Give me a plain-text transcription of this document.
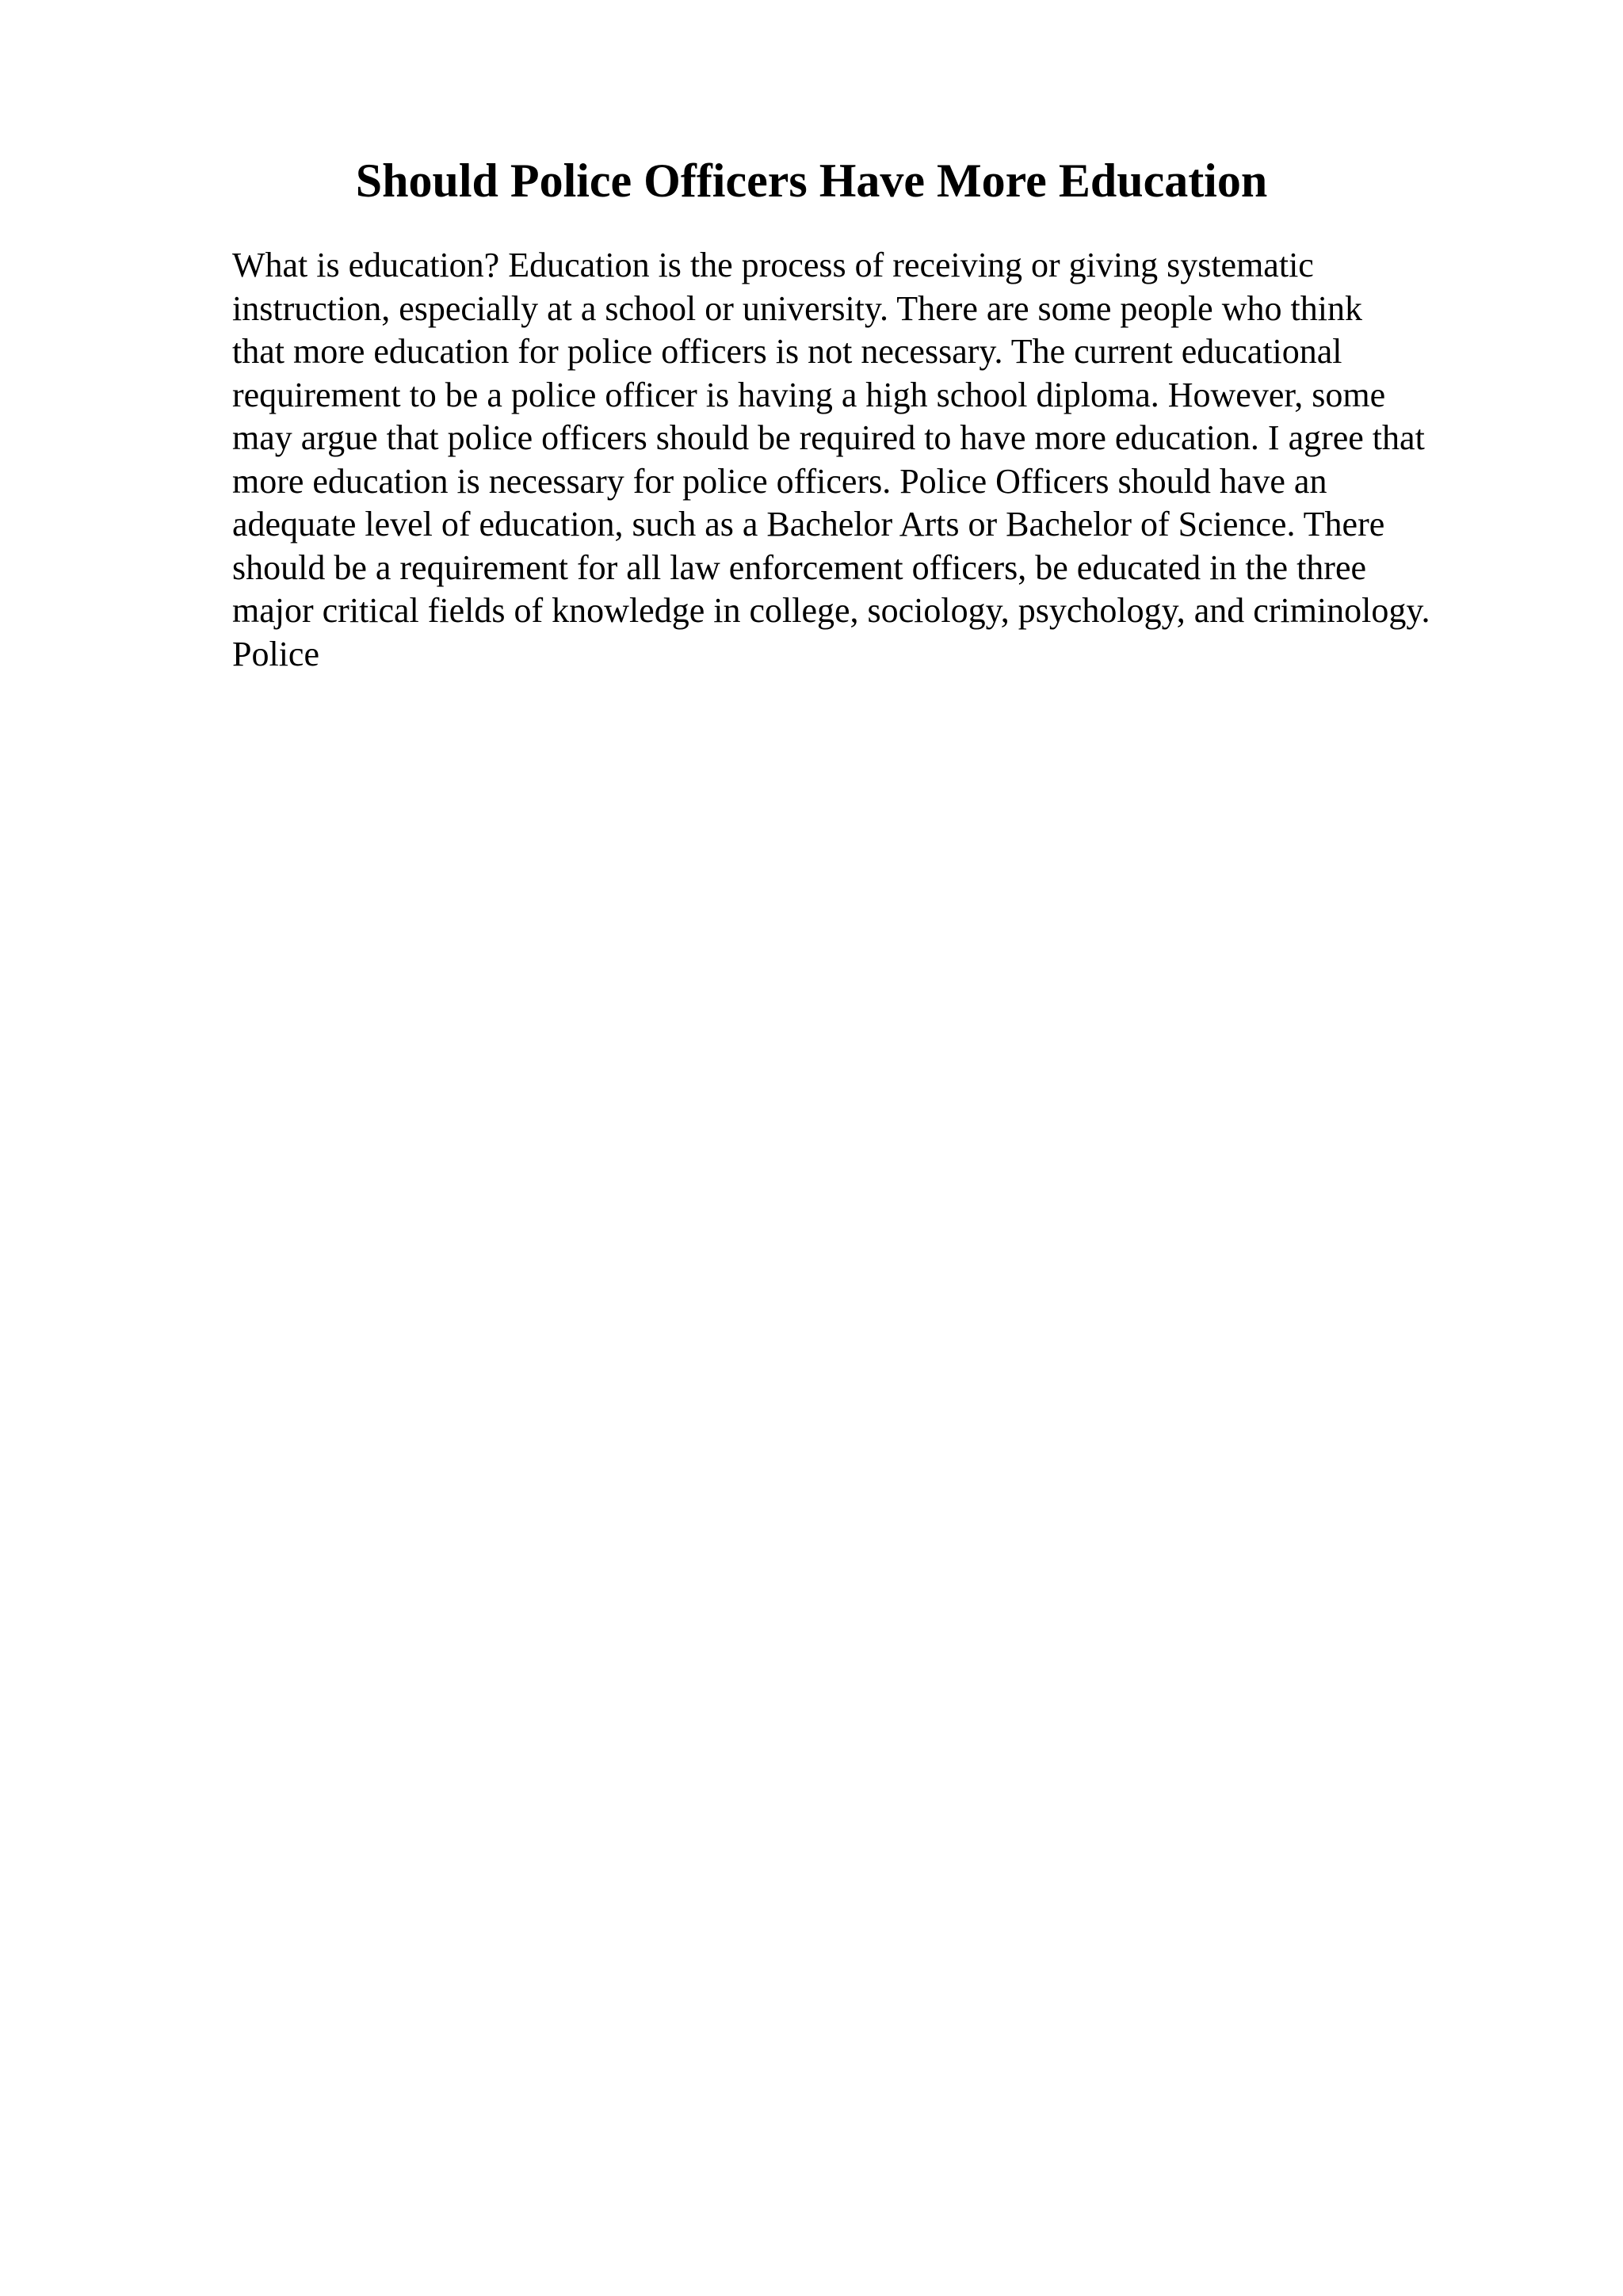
Should Police Officers Have More Education
What is education? Education is the process of receiving or giving systematic
instruction, especially at a school or university. There are some people who think
that more education for police officers is not necessary. The current educational
requirement to be a police officer is having a high school diploma. However, some
may argue that police officers should be required to have more education. I agree that
more education is necessary for police officers. Police Officers should have an
adequate level of education, such as a Bachelor Arts or Bachelor of Science. There
should be a requirement for all law enforcement officers, be educated in the three
major critical fields of knowledge in college, sociology, psychology, and criminology.
Police
